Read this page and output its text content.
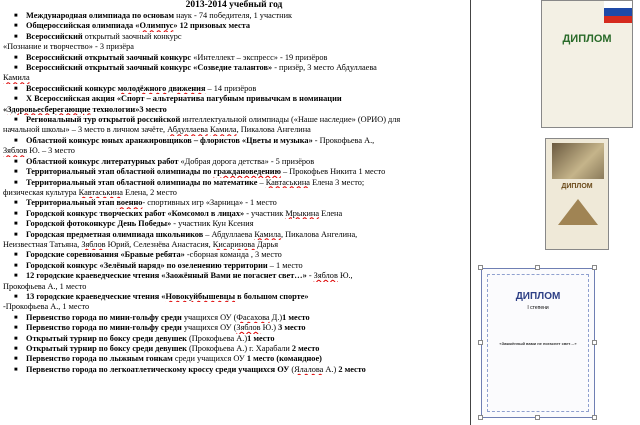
2013-2014 учебный год
■ Международная олимпиада по основам наук - 74 победителя, 1 участник
■ Общероссийская олимпиада «Олимпус» 12 призовых места
■ Всероссийский открытый заочный конкурс
«Познание и творчество» - 3 призёра
■ Всероссийский открытый заочный конкурс «Интеллект – экспресс» - 19 призёров
■ Всероссийский открытый заочный конкурс «Созведие талантов» - призёр, 3 место Абдуллаева
Камила
■ Всероссийский конкурс молодёжного движения – 14 призёров
■ X Всероссийская акция «Спорт – альтернатива пагубным привычкам в номинации
«Здоровьесберегающие технологии»3 место
■ Региональный тур открытой российской интеллектуальной олимпиады («Наше наследие» (ОРИО) для
начальной школы» – 3 место в личном зачёте, Абдуллаева Камила, Пикалова Ангелина
■ Областной конкурс юных аранжировщиков – флористов «Цветы и музыка» - Прокофьева А.,
Зяблов Ю. – 3 место
■ Областной конкурс литературных работ «Добрая дорога детства» - 5 призёров
■ Территориальный этап областной олимпиады по граждановедению – Прокофьев Никита 1 место
■ Территориальный этап областной олимпиады по математике – Кавтаськина Елена 3 место;
физическая культура Кавтаськина Елена, 2 место
■ Территориальный этап военно- спортивных игр «Зарница» - 1 место
■ Городской конкурс творческих работ «Комсомол в лицах» - участник Мрыкина Елена
■ Городской фотоконкурс День Победы» - участник Кун Ксения
■ Городская предметная олимпиада школьников – Абдуллаева Камила, Пикалова Ангелина,
Неизвестная Татьяна, Зяблов Юрий, Селезнёва Анастасия, Кисаринова Дарья
■ Городские соревнования «Бравые ребята» -сборная команда , 3 место
■ Городской конкурс «Зелёный наряд» по озеленению территории – 1 место
■ 12 городские краеведческие чтения «Заожённый Вами не погаснет свет…» - Зяблов Ю.,
Прокофьева А., 1 место
■ 13 городские краеведческие чтения «Новокуйбышевцы в большом спорте»
-Прокофьева А., 1 место
■ Первенство города по мини-гольфу среди учащихся ОУ (Фасахова Д.)1 место
■ Первенство города по мини-гольфу среди учащихся ОУ (Зяблов Ю.) 3 место
■ Открытый турнир по боксу среди девушек (Прокофьева А.)1 место
■ Открытый турнир по боксу среди девушек (Прокофьева А.) г. Харабали 2 место
■ Первенство города по лыжным гонкам среди учащихся ОУ 1 место (командное)
■ Первенство города по легкоатлетическому кроссу среди учащихся ОУ (Ялалова А.) 2 место
ДИПЛОМ
ДИПЛОМ
ДИПЛОМ
I степени
«Зажжённый вами не погаснет свет…»
